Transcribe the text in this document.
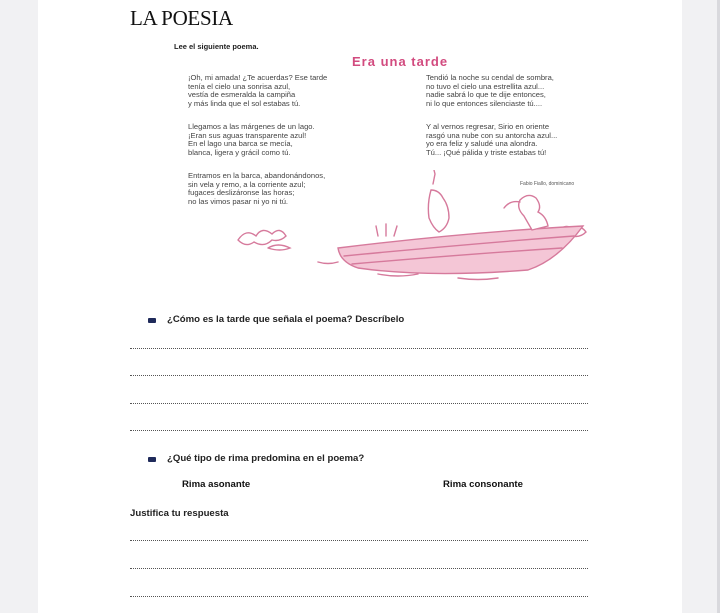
LA POESIA
Lee el siguiente poema.
Era una tarde
¡Oh, mi amada! ¿Te acuerdas? Ese tarde
tenía el cielo una sonrisa azul,
vestía de esmeralda la campiña
y más linda que el sol estabas tú.
Llegamos a las márgenes de un lago.
¡Eran sus aguas transparente azul!
En el lago una barca se mecía,
blanca, ligera y grácil como tú.
Entramos en la barca, abandonándonos,
sin vela y remo, a la corriente azul;
fugaces deslizáronse las horas;
no las vimos pasar ni yo ni tú.
Tendió la noche su cendal de sombra,
no tuvo el cielo una estrellita azul...
nadie sabrá lo que te dije entonces,
ni lo que entonces silenciaste tú....
Y al vernos regresar, Sirio en oriente
rasgó una nube con su antorcha azul...
yo era feliz y saludé una alondra.
Tú... ¡Qué pálida y triste estabas tú!
Fabio Fiallo, dominicano
¿Cómo es la tarde que señala el poema? Descríbelo
¿Qué tipo de rima predomina en el poema?
Rima asonante	Rima consonante
Justifica tu respuesta
